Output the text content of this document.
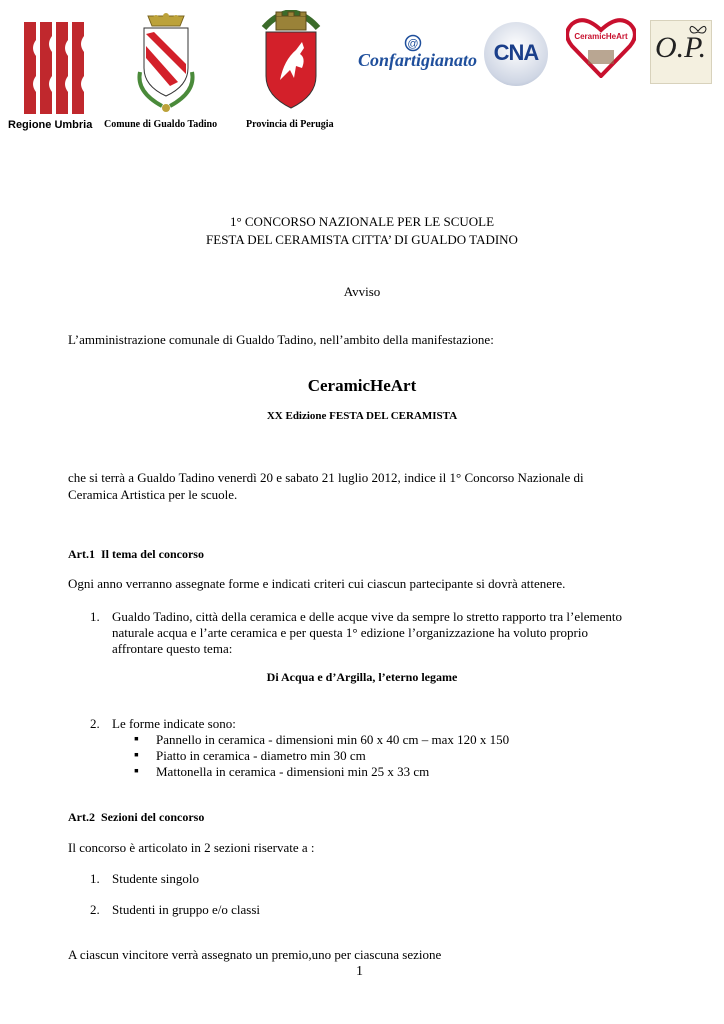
Regione Umbria Comune di Gualdo Tadino	Provincia di Perugia
@
Confartigianato CNA
CeramicHeArt O.P.
1° CONCORSO NAZIONALE PER LE SCUOLE
FESTA DEL CERAMISTA CITTA’ DI GUALDO TADINO
Avviso
L’amministrazione comunale di Gualdo Tadino, nell’ambito della manifestazione:
CeramicHeArt
XX Edizione FESTA DEL CERAMISTA
che si terrà a Gualdo Tadino venerdì 20 e sabato 21 luglio 2012, indice il 1° Concorso Nazionale di
Ceramica Artistica per le scuole.
Art.1  Il tema del concorso
Ogni anno verranno assegnate forme e indicati criteri cui ciascun partecipante si dovrà attenere.
1. Gualdo Tadino, città della ceramica e delle acque vive da sempre lo stretto rapporto tra l’elemento
naturale acqua e l’arte ceramica e per questa 1° edizione l’organizzazione ha voluto proprio
affrontare questo tema:
Di Acqua e d’Argilla, l’eterno legame
2. Le forme indicate sono:
▪ Pannello in ceramica - dimensioni min 60 x 40 cm – max 120 x 150
▪ Piatto in ceramica - diametro min 30 cm
▪ Mattonella in ceramica - dimensioni min 25 x 33 cm
Art.2  Sezioni del concorso
Il concorso è articolato in 2 sezioni riservate a :
1. Studente singolo
2. Studenti in gruppo e/o classi
A ciascun vincitore verrà assegnato un premio,uno per ciascuna sezione
1
